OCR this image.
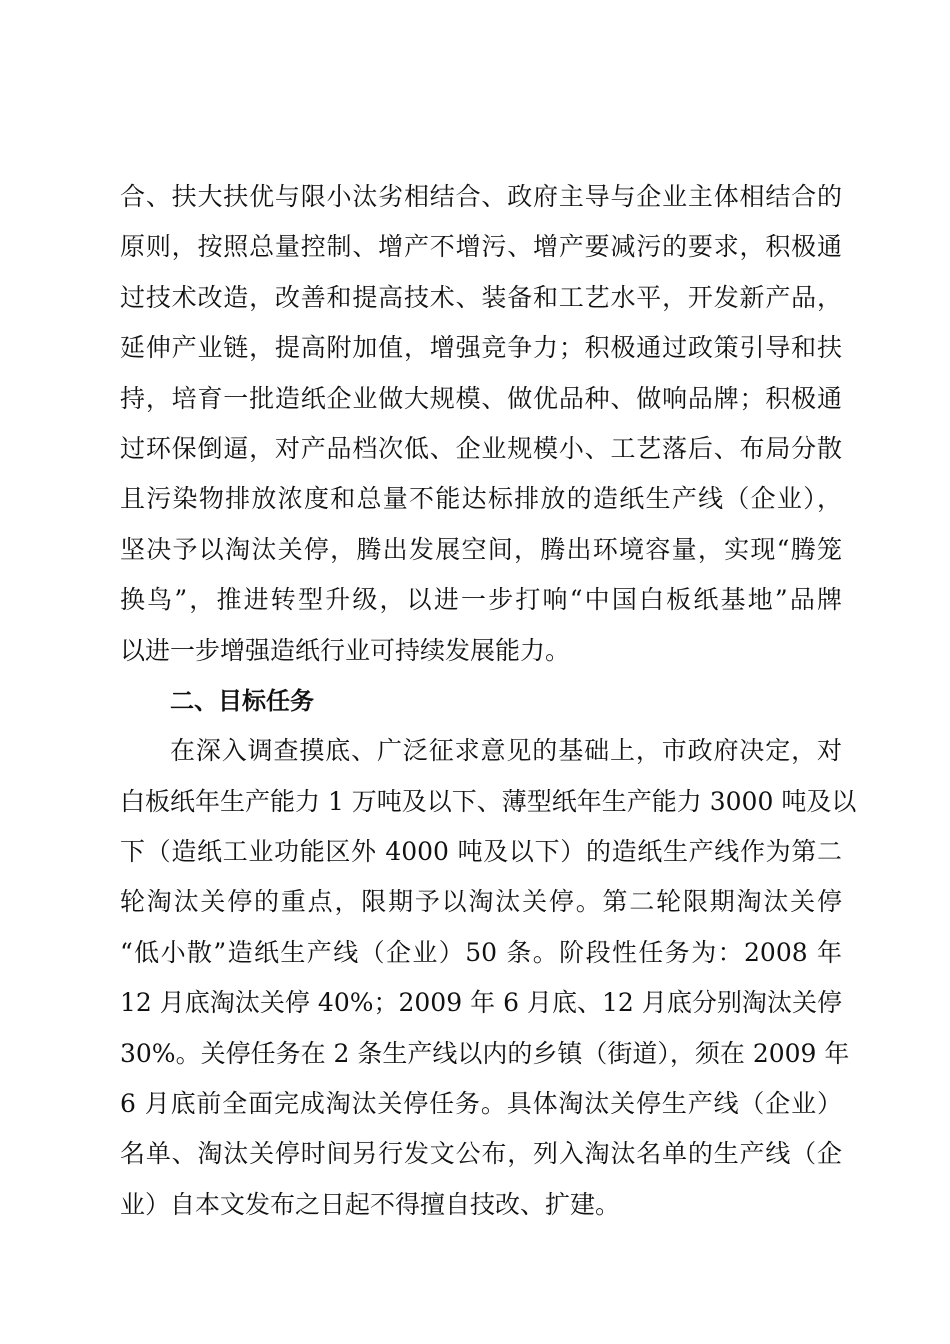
合、扶大扶优与限小汰劣相结合、政府主导与企业主体相结合的
原则，按照总量控制、增产不增污、增产要减污的要求，积极通
过技术改造，改善和提高技术、装备和工艺水平，开发新产品，
延伸产业链，提高附加值，增强竞争力；积极通过政策引导和扶
持，培育一批造纸企业做大规模、做优品种、做响品牌；积极通
过环保倒逼，对产品档次低、企业规模小、工艺落后、布局分散
且污染物排放浓度和总量不能达标排放的造纸生产线（企业），
坚决予以淘汰关停，腾出发展空间，腾出环境容量，实现“腾笼
换鸟”，推进转型升级，以进一步打响“中国白板纸基地”品牌
以进一步增强造纸行业可持续发展能力。
二、目标任务
在深入调查摸底、广泛征求意见的基础上，市政府决定，对
白板纸年生产能力 1 万吨及以下、薄型纸年生产能力 3000 吨及以
下（造纸工业功能区外 4000 吨及以下）的造纸生产线作为第二
轮淘汰关停的重点，限期予以淘汰关停。第二轮限期淘汰关停
“低小散”造纸生产线（企业）50 条。阶段性任务为：2008 年
12 月底淘汰关停 40%；2009 年 6 月底、12 月底分别淘汰关停
30%。关停任务在 2 条生产线以内的乡镇（街道），须在 2009 年
6 月底前全面完成淘汰关停任务。具体淘汰关停生产线（企业）
名单、淘汰关停时间另行发文公布，列入淘汰名单的生产线（企
业）自本文发布之日起不得擅自技改、扩建。
